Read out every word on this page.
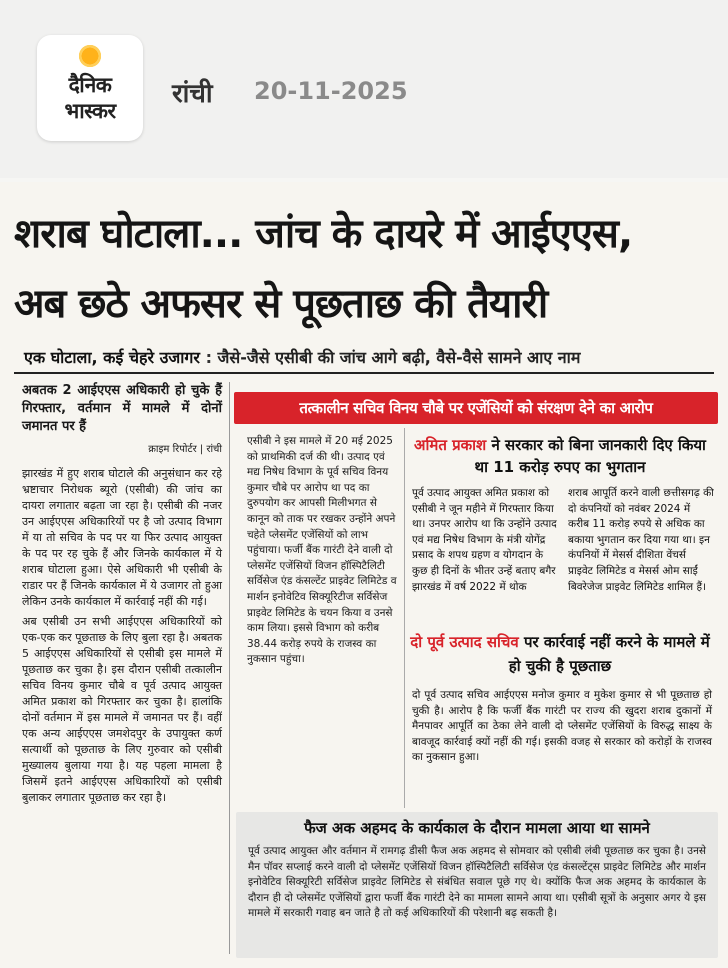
दैनिक
भास्कर
रांची 20-11-2025
शराब घोटाला... जांच के दायरे में आईएएस,
अब छठे अफसर से पूछताछ की तैयारी
एक घोटाला, कई चेहरे उजागर : जैसे-जैसे एसीबी की जांच आगे बढ़ी, वैसे-वैसे सामने आए नाम
अबतक 2 आईएएस अधिकारी हो चुके हैं गिरफ्तार, वर्तमान में मामले में दोनों जमानत पर हैं
क्राइम रिपोर्टर | रांची

झारखंड में हुए शराब घोटाले की अनुसंधान कर रहे भ्रष्टाचार निरोधक ब्यूरो (एसीबी) की जांच का दायरा लगातार बढ़ता जा रहा है। एसीबी की नजर उन आईएएस अधिकारियों पर है जो उत्पाद विभाग में या तो सचिव के पद पर या फिर उत्पाद आयुक्त के पद पर रह चुके हैं और जिनके कार्यकाल में ये शराब घोटाला हुआ। ऐसे अधिकारी भी एसीबी के राडार पर हैं जिनके कार्यकाल में ये उजागर तो हुआ लेकिन उनके कार्यकाल में कार्रवाई नहीं की गई।

अब एसीबी उन सभी आईएएस अधिकारियों को एक-एक कर पूछताछ के लिए बुला रहा है। अबतक 5 आईएएस अधिकारियों से एसीबी इस मामले में पूछताछ कर चुका है। इस दौरान एसीबी तत्कालीन सचिव विनय कुमार चौबे व पूर्व उत्पाद आयुक्त अमित प्रकाश को गिरफ्तार कर चुका है। हालांकि दोनों वर्तमान में इस मामले में जमानत पर हैं। वहीं एक अन्य आईएएस जमशेदपुर के उपायुक्त कर्ण सत्यार्थी को पूछताछ के लिए गुरुवार को एसीबी मुख्यालय बुलाया गया है। यह पहला मामला है जिसमें इतने आईएएस अधिकारियों को एसीबी बुलाकर लगातार पूछताछ कर रहा है।

तत्कालीन सचिव विनय चौबे पर एजेंसियों को संरक्षण देने का आरोप
एसीबी ने इस मामले में 20 मई 2025 को प्राथमिकी दर्ज की थी। उत्पाद एवं मद्य निषेध विभाग के पूर्व सचिव विनय कुमार चौबे पर आरोप था पद का दुरुपयोग कर आपसी मिलीभगत से कानून को ताक पर रखकर उन्होंने अपने चहेते प्लेसमेंट एजेंसियों को लाभ पहुंचाया। फर्जी बैंक गारंटी देने वाली दो प्लेसमेंट एजेंसियों विजन हॉस्पिटैलिटी सर्विसेज एंड कंसल्टेंट प्राइवेट लिमिटेड व मार्शन इनोवेटिव सिक्यूरिटीज सर्विसेज प्राइवेट लिमिटेड के चयन किया व उनसे काम लिया। इससे विभाग को करीब 38.44 करोड़ रुपये के राजस्व का नुकसान पहुंचा।
अमित प्रकाश ने सरकार को बिना जानकारी दिए किया था 11 करोड़ रुपए का भुगतान
पूर्व उत्पाद आयुक्त अमित प्रकाश को एसीबी ने जून महीने में गिरफ्तार किया था। उनपर आरोप था कि उन्होंने उत्पाद एवं मद्य निषेध विभाग के मंत्री योगेंद्र प्रसाद के शपथ ग्रहण व योगदान के कुछ ही दिनों के भीतर उन्हें बताए बगैर झारखंड में वर्ष 2022 में थोक
शराब आपूर्ति करने वाली छत्तीसगढ़ की दो कंपनियों को नवंबर 2024 में करीब 11 करोड़ रुपये से अधिक का बकाया भुगतान कर दिया गया था। इन कंपनियों में मेसर्स दीशिता वेंचर्स प्राइवेट लिमिटेड व मेसर्स ओम साईं बिवरेजेज प्राइवेट लिमिटेड शामिल हैं।
दो पूर्व उत्पाद सचिव पर कार्रवाई नहीं करने के मामले में हो चुकी है पूछताछ
दो पूर्व उत्पाद सचिव आईएएस मनोज कुमार व मुकेश कुमार से भी पूछताछ हो चुकी है। आरोप है कि फर्जी बैंक गारंटी पर राज्य की खुदरा शराब दुकानों में मैनपावर आपूर्ति का ठेका लेने वाली दो प्लेसमेंट एजेंसियों के विरुद्ध साक्ष्य के बावजूद कार्रवाई क्यों नहीं की गई। इसकी वजह से सरकार को करोड़ों के राजस्व का नुकसान हुआ।
फैज अक अहमद के कार्यकाल के दौरान मामला आया था सामने
पूर्व उत्पाद आयुक्त और वर्तमान में रामगढ़ डीसी फैज अक अहमद से सोमवार को एसीबी लंबी पूछताछ कर चुका है। उनसे मैन पॉवर सप्लाई करने वाली दो प्लेसमेंट एजेंसियों विजन हॉस्पिटैलिटी सर्विसेज एंड कंसल्टेंट्स प्राइवेट लिमिटेड और मार्शन इनोवेटिव सिक्यूरिटी सर्विसेज प्राइवेट लिमिटेड से संबंधित सवाल पूछे गए थे। क्योंकि फैज अक अहमद के कार्यकाल के दौरान ही दो प्लेसमेंट एजेंसियों द्वारा फर्जी बैंक गारंटी देने का मामला सामने आया था। एसीबी सूत्रों के अनुसार अगर ये इस मामले में सरकारी गवाह बन जाते है तो कई अधिकारियों की परेशानी बढ़ सकती है।
